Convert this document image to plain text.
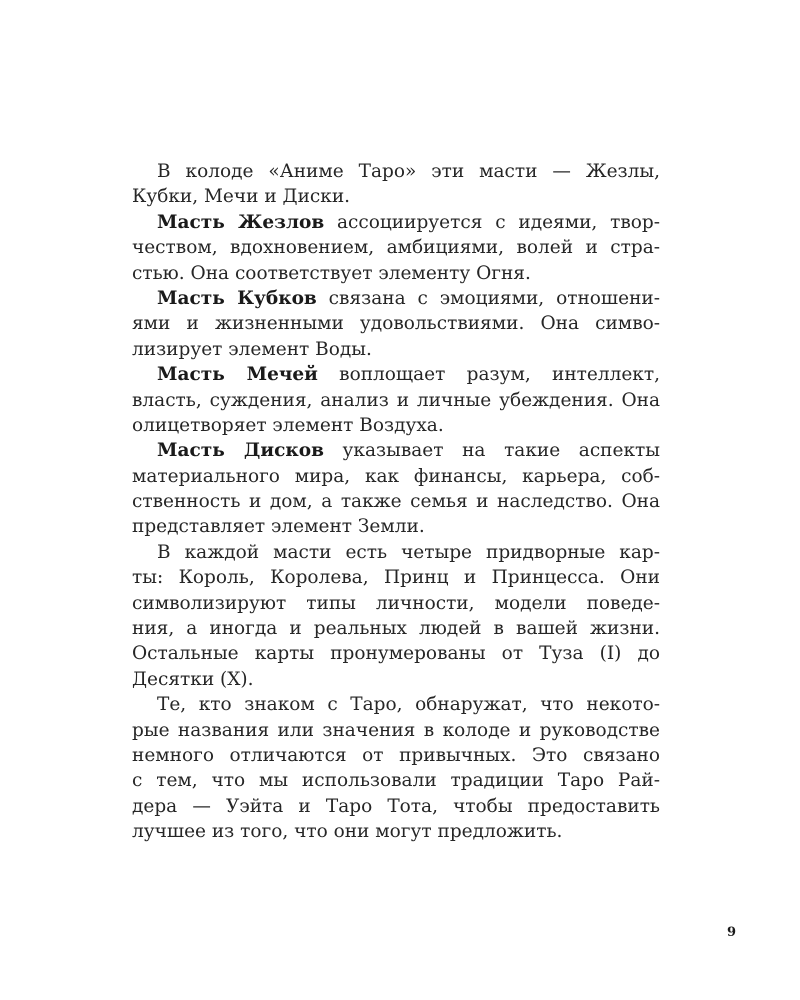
В колоде «Аниме Таро» эти масти — Жезлы,
Кубки, Мечи и Диски.
Масть Жезлов ассоциируется с идеями, твор-
чеством, вдохновением, амбициями, волей и стра-
стью. Она соответствует элементу Огня.
Масть Кубков связана с эмоциями, отношени-
ями и жизненными удовольствиями. Она симво-
лизирует элемент Воды.
Масть Мечей воплощает разум, интеллект,
власть, суждения, анализ и личные убеждения. Она
олицетворяет элемент Воздуха.
Масть Дисков указывает на такие аспекты
материального мира, как финансы, карьера, соб-
ственность и дом, а также семья и наследство. Она
представляет элемент Земли.
В каждой масти есть четыре придворные кар-
ты: Король, Королева, Принц и Принцесса. Они
символизируют типы личности, модели поведе-
ния, а иногда и реальных людей в вашей жизни.
Остальные карты пронумерованы от Туза (I) до
Десятки (X).
Те, кто знаком с Таро, обнаружат, что некото-
рые названия или значения в колоде и руководстве
немного отличаются от привычных. Это связано
с тем, что мы использовали традиции Таро Рай-
дера — Уэйта и Таро Тота, чтобы предоставить
лучшее из того, что они могут предложить.
9
